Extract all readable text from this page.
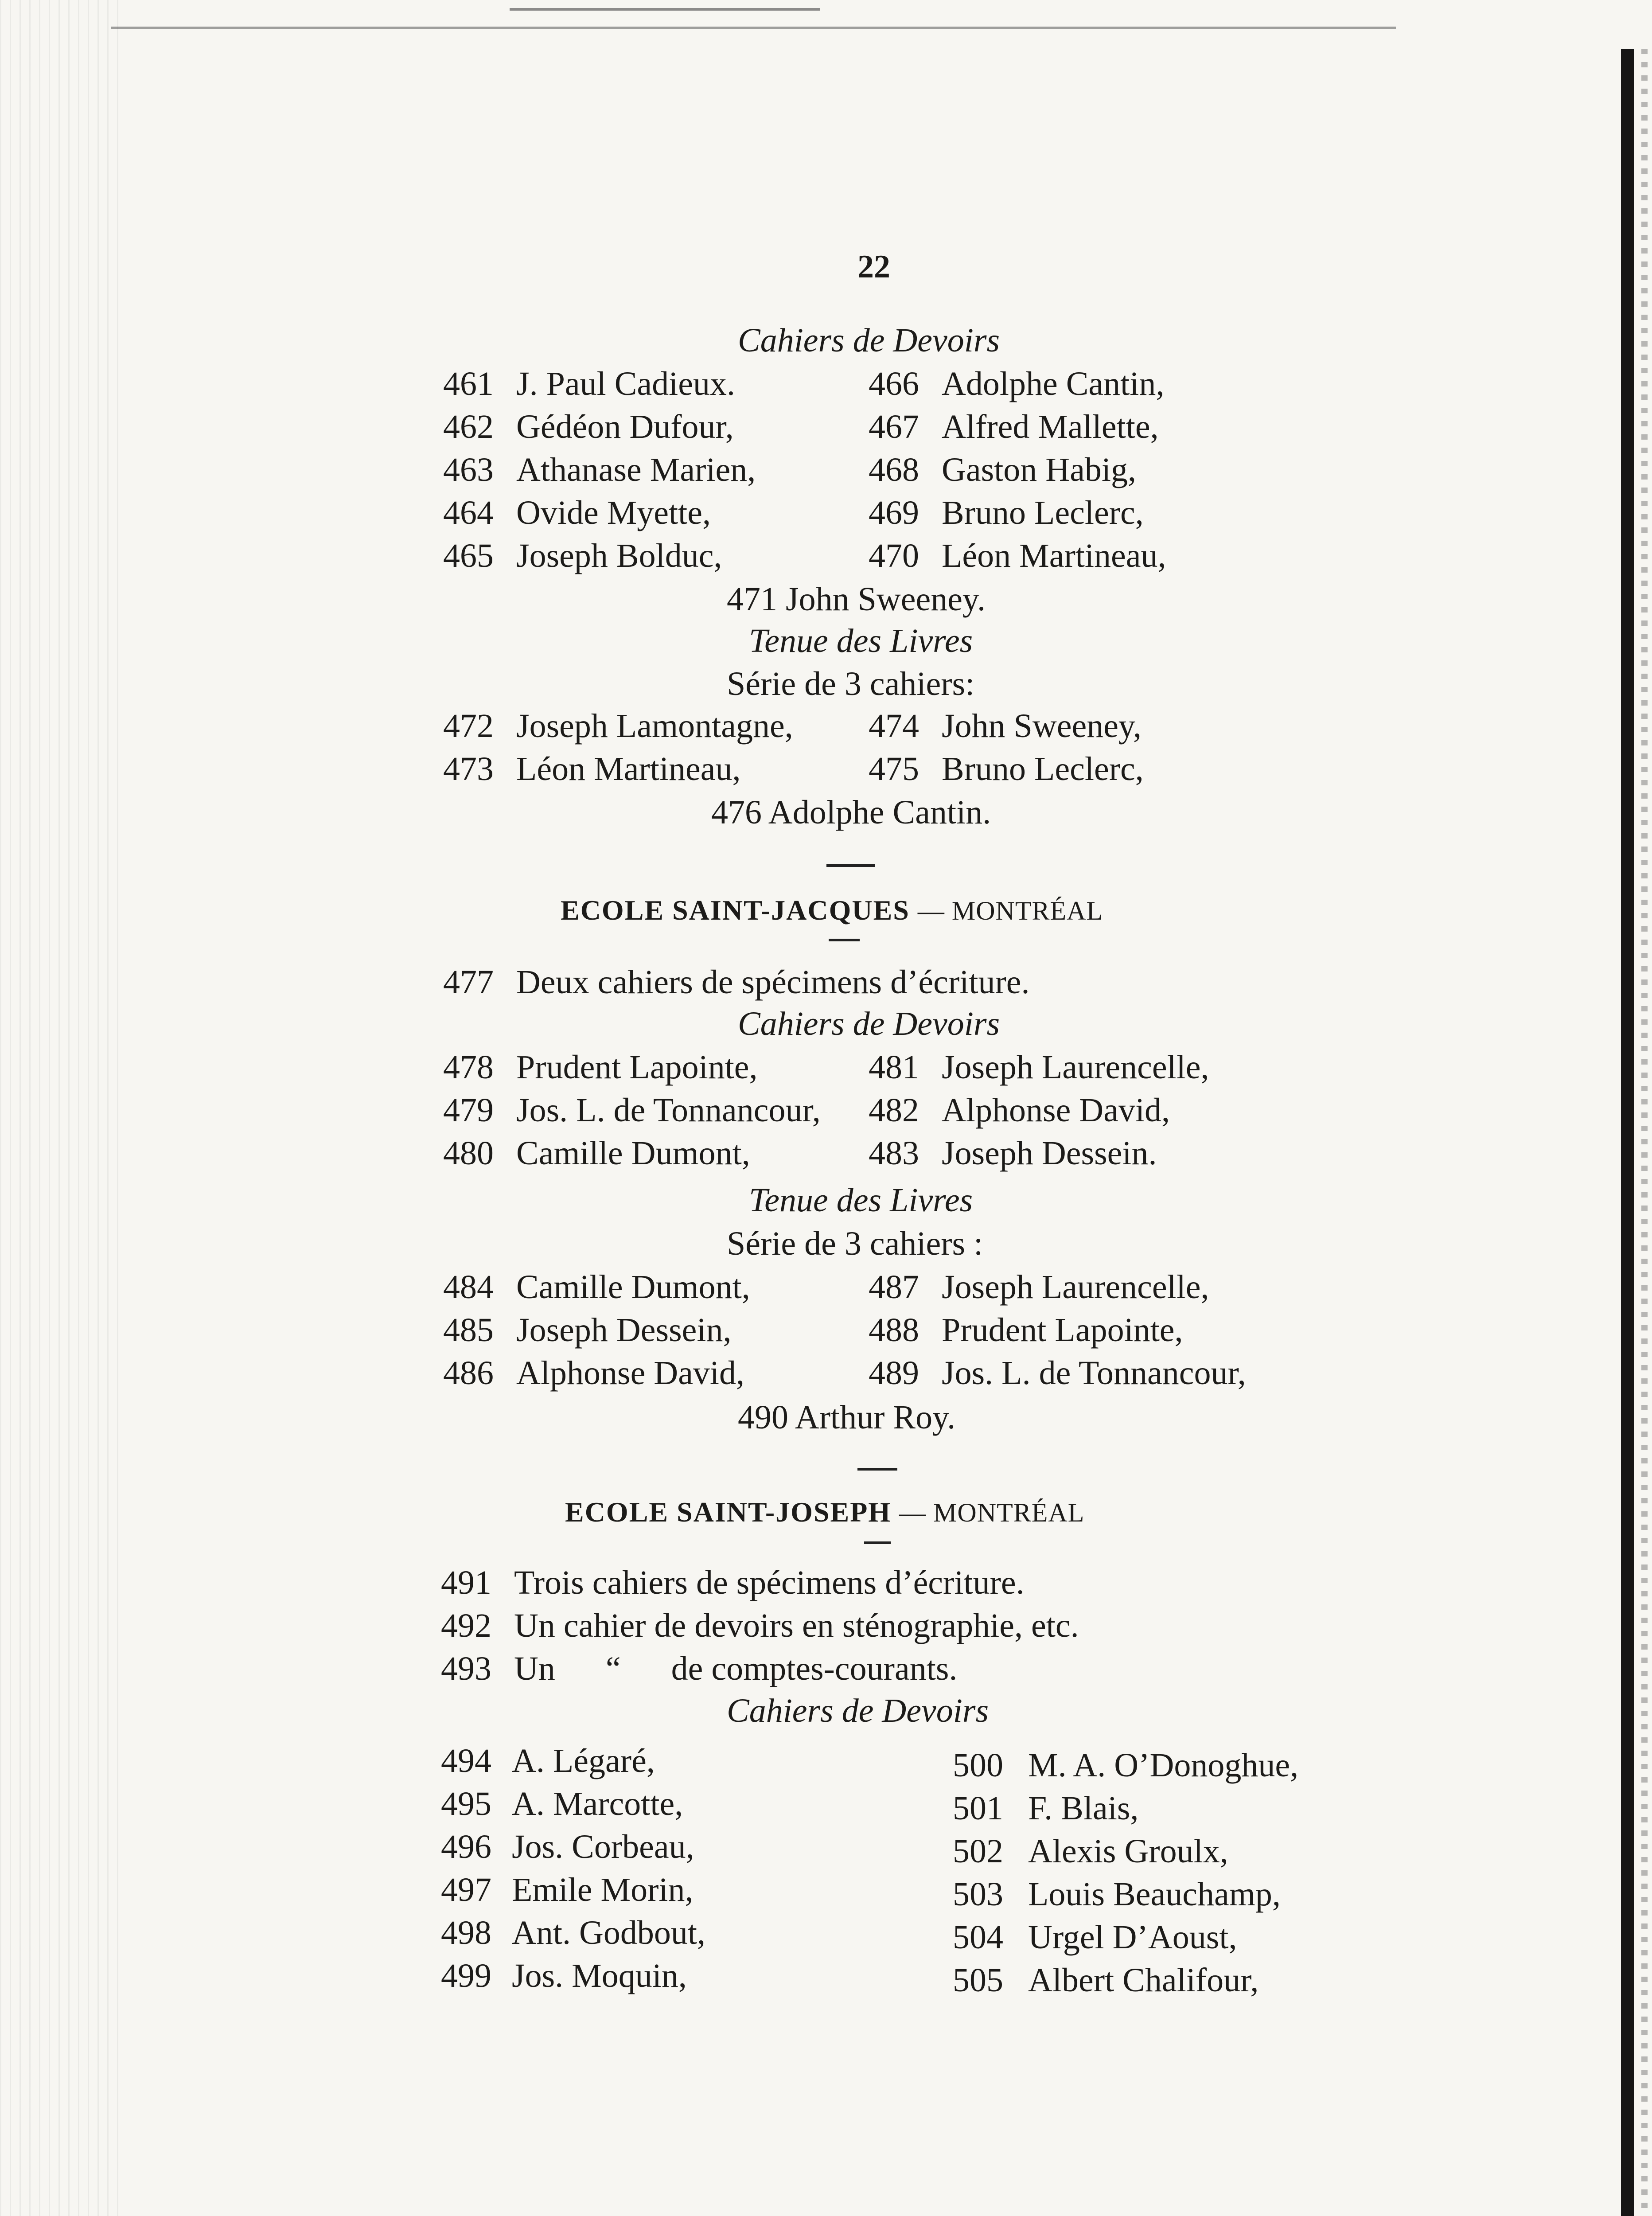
22
Cahiers de Devoirs
461 J. Paul Cadieux.	466 Adolphe Cantin,
462 Gédéon Dufour,	467 Alfred Mallette,
463 Athanase Marien,	468 Gaston Habig,
464 Ovide Myette,	469 Bruno Leclerc,
465 Joseph Bolduc,	470 Léon Martineau,
471 John Sweeney.
Tenue des Livres
Série de 3 cahiers:
472 Joseph Lamontagne, 474 John Sweeney,
473 Léon Martineau,	475 Bruno Leclerc,
476 Adolphe Cantin.
ECOLE SAINT-JACQUES — MONTRÉAL
477 Deux cahiers de spécimens d’écriture.
Cahiers de Devoirs
478 Prudent Lapointe,	481 Joseph Laurencelle,
479 Jos. L. de Tonnancour, 482 Alphonse David,
480 Camille Dumont,	483 Joseph Dessein.
Tenue des Livres
Série de 3 cahiers :
484 Camille Dumont,	487 Joseph Laurencelle,
485 Joseph Dessein,	488 Prudent Lapointe,
486 Alphonse David,	489 Jos. L. de Tonnancour,
490 Arthur Roy.
ECOLE SAINT-JOSEPH — MONTRÉAL
491 Trois cahiers de spécimens d’écriture.
492 Un cahier de devoirs en sténographie, etc.
493 Un      “      de comptes-courants.
Cahiers de Devoirs
494 A. Légaré,	500 M. A. O’Donoghue,
495 A. Marcotte,	501 F. Blais,
496 Jos. Corbeau,	502 Alexis Groulx,
497 Emile Morin,	503 Louis Beauchamp,
498 Ant. Godbout,	504 Urgel D’Aoust,
499 Jos. Moquin,	505 Albert Chalifour,
